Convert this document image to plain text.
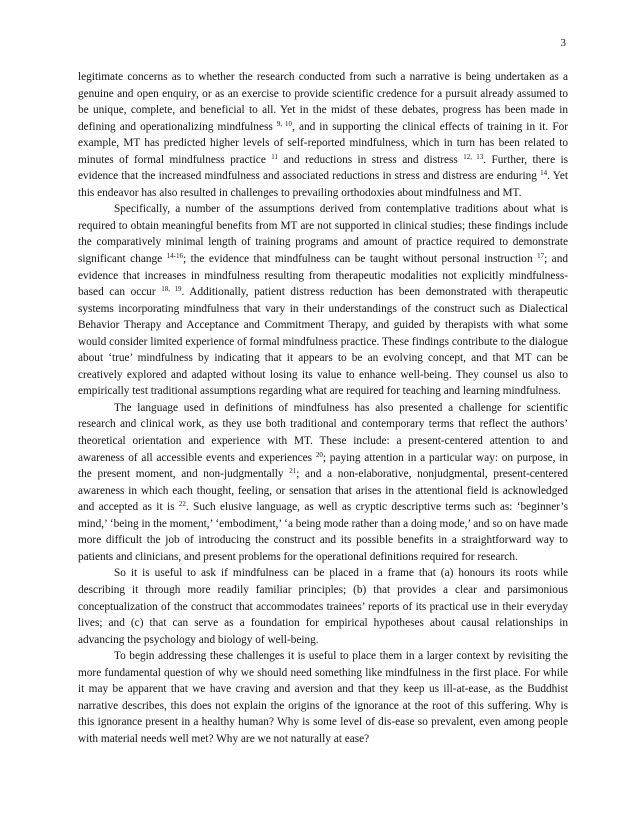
3

legitimate concerns as to whether the research conducted from such a narrative is being undertaken as a genuine and open enquiry, or as an exercise to provide scientific credence for a pursuit already assumed to be unique, complete, and beneficial to all. Yet in the midst of these debates, progress has been made in defining and operationalizing mindfulness $^{9, 10}$, and in supporting the clinical effects of training in it. For example, MT has predicted higher levels of self-reported mindfulness, which in turn has been related to minutes of formal mindfulness practice $^{11}$ and reductions in stress and distress $^{12, 13}$. Further, there is evidence that the increased mindfulness and associated reductions in stress and distress are enduring $^{14}$. Yet this endeavor has also resulted in challenges to prevailing orthodoxies about mindfulness and MT.

Specifically, a number of the assumptions derived from contemplative traditions about what is required to obtain meaningful benefits from MT are not supported in clinical studies; these findings include the comparatively minimal length of training programs and amount of practice required to demonstrate significant change $^{14-16}$; the evidence that mindfulness can be taught without personal instruction $^{17}$; and evidence that increases in mindfulness resulting from therapeutic modalities not explicitly mindfulness-based can occur $^{18, 19}$. Additionally, patient distress reduction has been demonstrated with therapeutic systems incorporating mindfulness that vary in their understandings of the construct such as Dialectical Behavior Therapy and Acceptance and Commitment Therapy, and guided by therapists with what some would consider limited experience of formal mindfulness practice. These findings contribute to the dialogue about ‘true’ mindfulness by indicating that it appears to be an evolving concept, and that MT can be creatively explored and adapted without losing its value to enhance well-being. They counsel us also to empirically test traditional assumptions regarding what are required for teaching and learning mindfulness.

The language used in definitions of mindfulness has also presented a challenge for scientific research and clinical work, as they use both traditional and contemporary terms that reflect the authors’ theoretical orientation and experience with MT. These include: a present-centered attention to and awareness of all accessible events and experiences $^{20}$; paying attention in a particular way: on purpose, in the present moment, and non-judgmentally $^{21}$; and a non-elaborative, nonjudgmental, present-centered awareness in which each thought, feeling, or sensation that arises in the attentional field is acknowledged and accepted as it is $^{22}$. Such elusive language, as well as cryptic descriptive terms such as: ‘beginner’s mind,’ ‘being in the moment,’ ‘embodiment,’ ‘a being mode rather than a doing mode,’ and so on have made more difficult the job of introducing the construct and its possible benefits in a straightforward way to patients and clinicians, and present problems for the operational definitions required for research.

So it is useful to ask if mindfulness can be placed in a frame that (a) honours its roots while describing it through more readily familiar principles; (b) that provides a clear and parsimonious conceptualization of the construct that accommodates trainees’ reports of its practical use in their everyday lives; and (c) that can serve as a foundation for empirical hypotheses about causal relationships in advancing the psychology and biology of well-being.

To begin addressing these challenges it is useful to place them in a larger context by revisiting the more fundamental question of why we should need something like mindfulness in the first place. For while it may be apparent that we have craving and aversion and that they keep us ill-at-ease, as the Buddhist narrative describes, this does not explain the origins of the ignorance at the root of this suffering. Why is this ignorance present in a healthy human? Why is some level of dis-ease so prevalent, even among people with material needs well met? Why are we not naturally at ease?
